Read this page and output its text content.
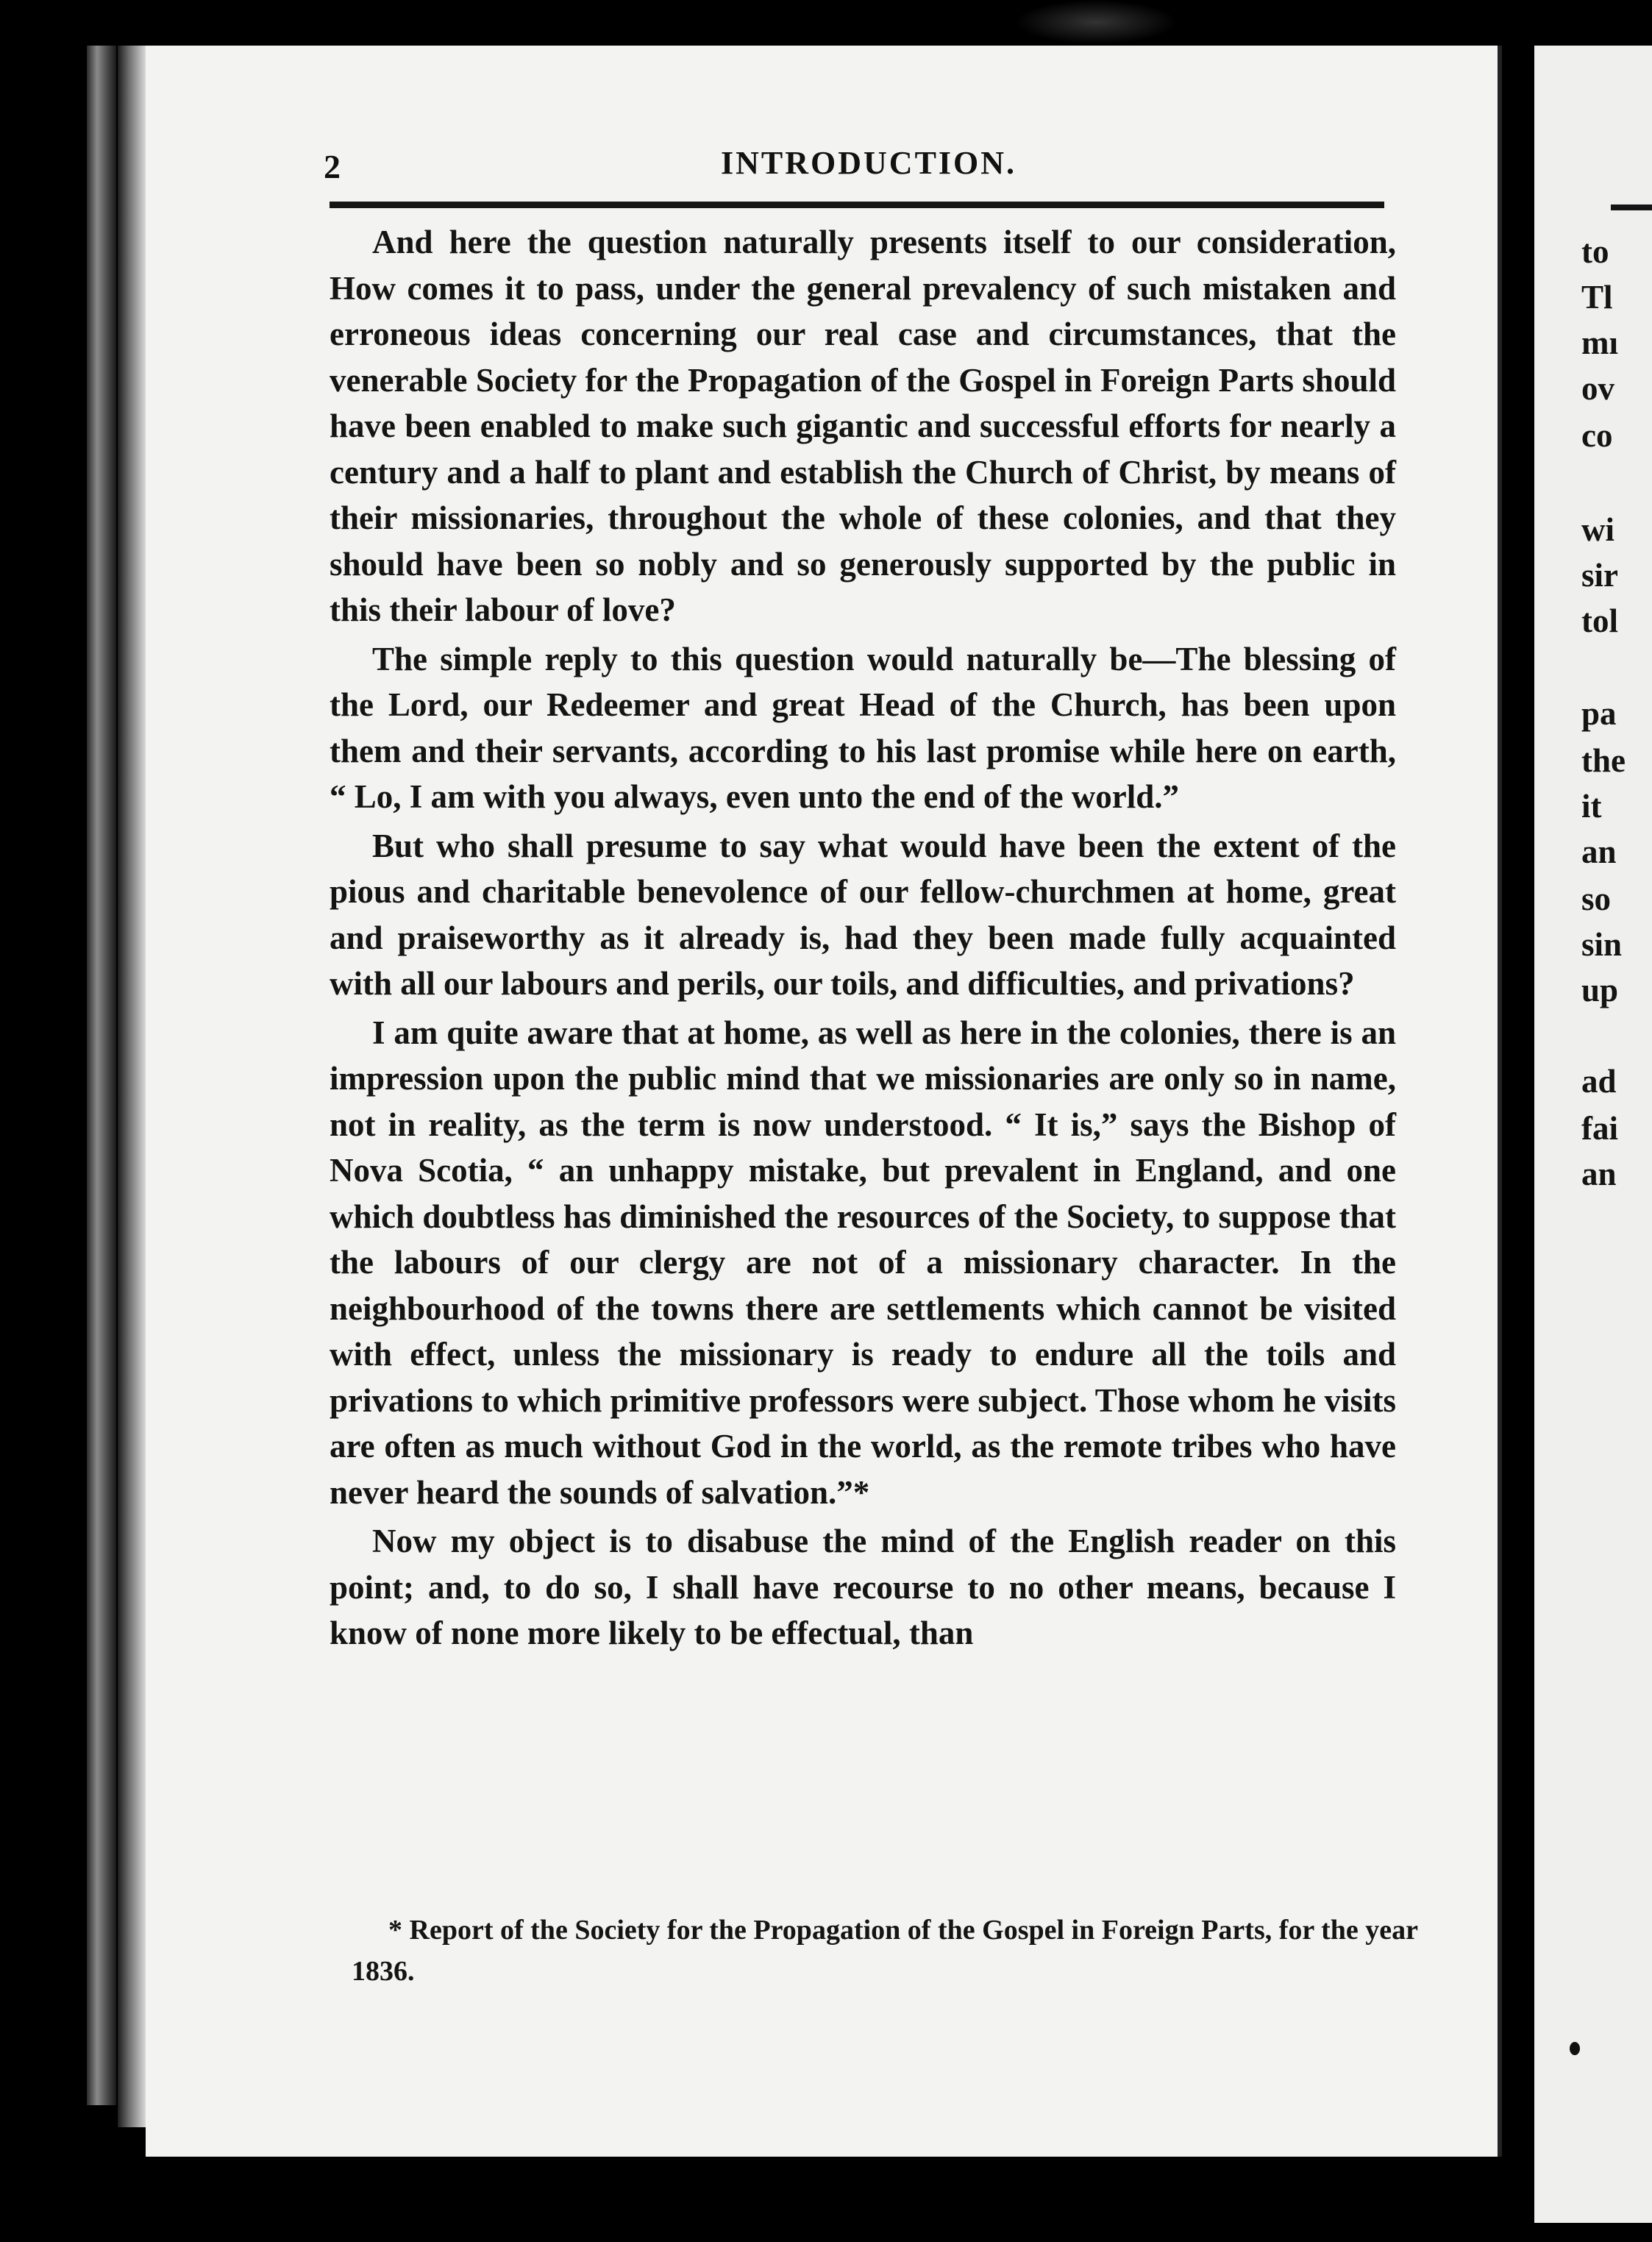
2	INTRODUCTION.

And here the question naturally presents itself to our consideration, How comes it to pass, under the general prevalency of such mistaken and erroneous ideas concerning our real case and circumstances, that the venerable Society for the Propagation of the Gospel in Foreign Parts should have been enabled to make such gigantic and successful efforts for nearly a century and a half to plant and establish the Church of Christ, by means of their missionaries, throughout the whole of these colonies, and that they should have been so nobly and so generously supported by the public in this their labour of love?

The simple reply to this question would naturally be—The blessing of the Lord, our Redeemer and great Head of the Church, has been upon them and their servants, according to his last promise while here on earth, “ Lo, I am with you always, even unto the end of the world.”

But who shall presume to say what would have been the extent of the pious and charitable benevolence of our fellow-churchmen at home, great and praiseworthy as it already is, had they been made fully acquainted with all our labours and perils, our toils, and difficulties, and privations?

I am quite aware that at home, as well as here in the colonies, there is an impression upon the public mind that we missionaries are only so in name, not in reality, as the term is now understood. “ It is,” says the Bishop of Nova Scotia, “ an unhappy mistake, but prevalent in England, and one which doubtless has diminished the resources of the Society, to suppose that the labours of our clergy are not of a missionary character. In the neighbourhood of the towns there are settlements which cannot be visited with effect, unless the missionary is ready to endure all the toils and privations to which primitive professors were subject. Those whom he visits are often as much without God in the world, as the remote tribes who have never heard the sounds of salvation.”*

Now my object is to disabuse the mind of the English reader on this point; and, to do so, I shall have recourse to no other means, because I know of none more likely to be effectual, than

* Report of the Society for the Propagation of the Gospel in Foreign Parts, for the year 1836.

to
Tl
mı
ov
co
wi
sir
tol
pa
the
it
an
so
sin
up
ad
fai
an
